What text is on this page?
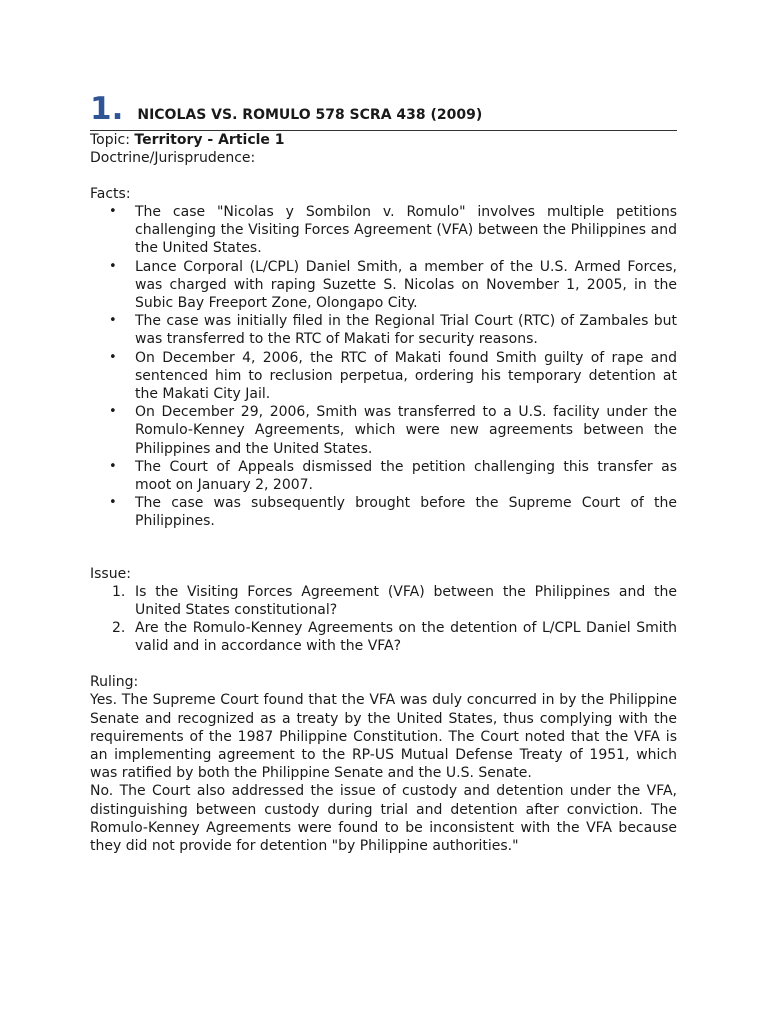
1. NICOLAS VS. ROMULO 578 SCRA 438 (2009)

Topic: Territory - Article 1

Doctrine/Jurisprudence:

Facts:

• The case "Nicolas y Sombilon v. Romulo" involves multiple petitions challenging the Visiting Forces Agreement (VFA) between the Philippines and the United States.
• Lance Corporal (L/CPL) Daniel Smith, a member of the U.S. Armed Forces, was charged with raping Suzette S. Nicolas on November 1, 2005, in the Subic Bay Freeport Zone, Olongapo City.
• The case was initially filed in the Regional Trial Court (RTC) of Zambales but was transferred to the RTC of Makati for security reasons.
• On December 4, 2006, the RTC of Makati found Smith guilty of rape and sentenced him to reclusion perpetua, ordering his temporary detention at the Makati City Jail.
• On December 29, 2006, Smith was transferred to a U.S. facility under the Romulo-Kenney Agreements, which were new agreements between the Philippines and the United States.
• The Court of Appeals dismissed the petition challenging this transfer as moot on January 2, 2007.
• The case was subsequently brought before the Supreme Court of the Philippines.

Issue:

1. Is the Visiting Forces Agreement (VFA) between the Philippines and the United States constitutional?
2. Are the Romulo-Kenney Agreements on the detention of L/CPL Daniel Smith valid and in accordance with the VFA?

Ruling:

Yes. The Supreme Court found that the VFA was duly concurred in by the Philippine Senate and recognized as a treaty by the United States, thus complying with the requirements of the 1987 Philippine Constitution. The Court noted that the VFA is an implementing agreement to the RP-US Mutual Defense Treaty of 1951, which was ratified by both the Philippine Senate and the U.S. Senate.

No. The Court also addressed the issue of custody and detention under the VFA, distinguishing between custody during trial and detention after conviction. The Romulo-Kenney Agreements were found to be inconsistent with the VFA because they did not provide for detention "by Philippine authorities."
